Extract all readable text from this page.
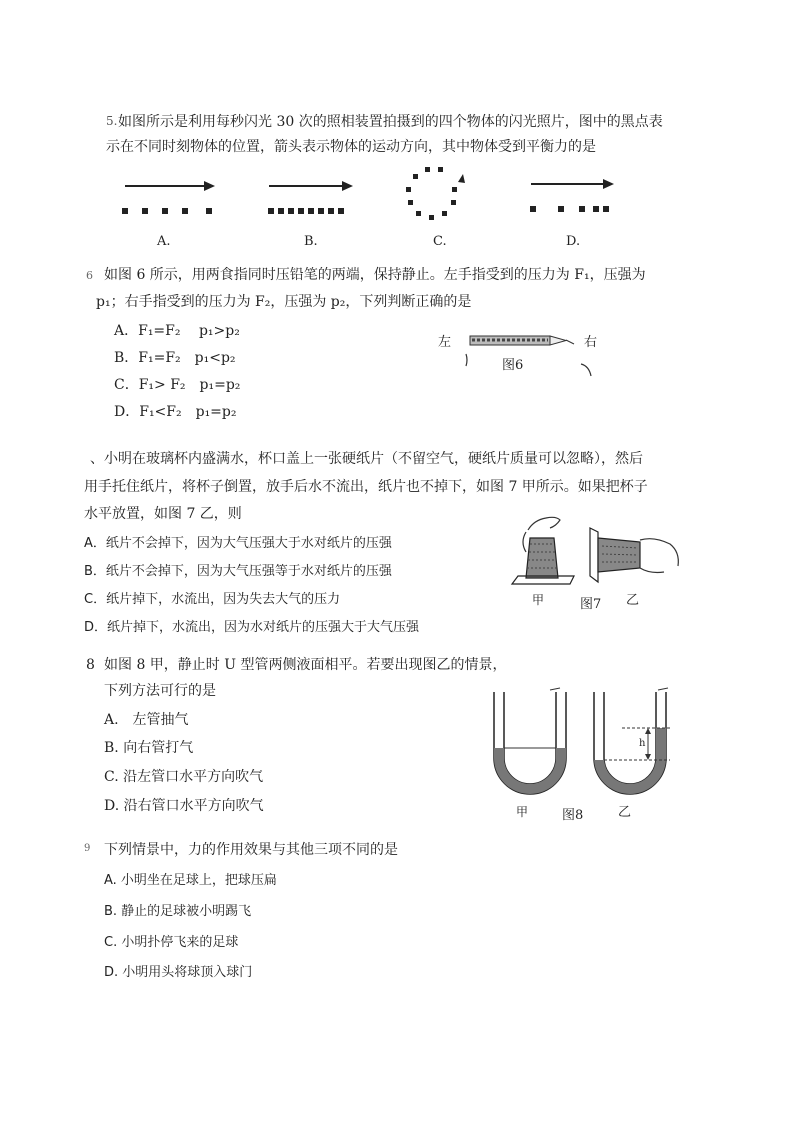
5. 如图所示是利用每秒闪光 30 次的照相装置拍摄到的四个物体的闪光照片，图中的黑点表
示在不同时刻物体的位置，箭头表示物体的运动方向，其中物体受到平衡力的是
A.	B.	C.	D.
6 如图 6 所示，用两食指同时压铅笔的两端，保持静止。左手指受到的压力为 F₁，压强为
p₁；右手指受到的压力为 F₂，压强为 p₂，下列判断正确的是
A．F₁=F₂　 p₁>p₂
B．F₁=F₂　p₁<p₂
C．F₁> F₂　p₁=p₂
D．F₁<F₂　p₁=p₂
左	右
图6
、小明在玻璃杯内盛满水，杯口盖上一张硬纸片（不留空气，硬纸片质量可以忽略），然后
用手托住纸片，将杯子倒置，放手后水不流出，纸片也不掉下，如图 7 甲所示。如果把杯子
水平放置，如图 7 乙，则
A．纸片不会掉下，因为大气压强大于水对纸片的压强
B．纸片不会掉下，因为大气压强等于水对纸片的压强
C．纸片掉下，水流出，因为失去大气的压力
D．纸片掉下，水流出，因为水对纸片的压强大于大气压强
甲	图7 乙
8 如图 8 甲，静止时 U 型管两侧液面相平。若要出现图乙的情景，
下列方法可行的是
A.　左管抽气
B. 向右管打气
C. 沿左管口水平方向吹气
D. 沿右管口水平方向吹气
h
甲	图8	乙
9 下列情景中，力的作用效果与其他三项不同的是
A. 小明坐在足球上，把球压扁
B. 静止的足球被小明踢飞
C. 小明扑停飞来的足球
D. 小明用头将球顶入球门
